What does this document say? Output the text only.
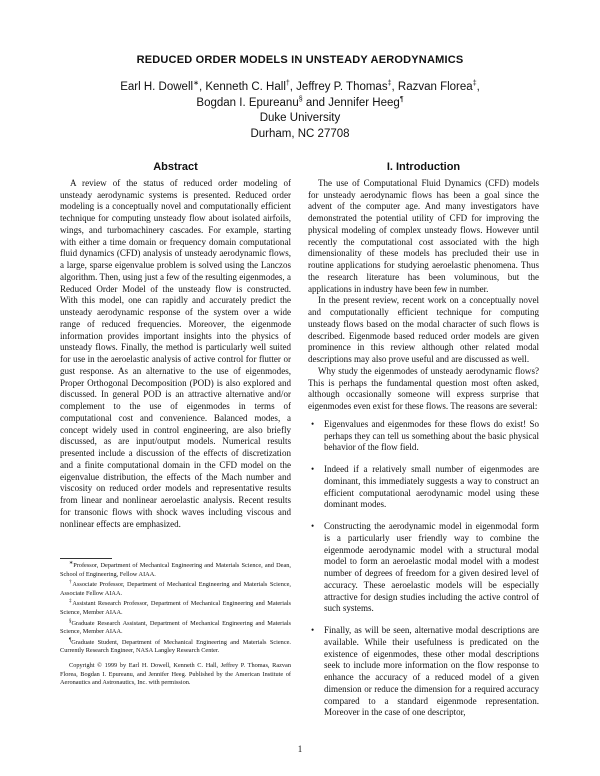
REDUCED ORDER MODELS IN UNSTEADY AERODYNAMICS
Earl H. Dowell∗, Kenneth C. Hall†, Jeffrey P. Thomas‡, Razvan Florea‡,
Bogdan I. Epureanu§ and Jennifer Heeg¶
Duke University
Durham, NC 27708
Abstract

A review of the status of reduced order modeling of unsteady aerodynamic systems is presented. Reduced order modeling is a conceptually novel and computationally efficient technique for computing unsteady flow about isolated airfoils, wings, and turbomachinery cascades. For example, starting with either a time domain or frequency domain computational fluid dynamics (CFD) analysis of unsteady aerodynamic flows, a large, sparse eigenvalue problem is solved using the Lanczos algorithm. Then, using just a few of the resulting eigenmodes, a Reduced Order Model of the unsteady flow is constructed. With this model, one can rapidly and accurately predict the unsteady aerodynamic response of the system over a wide range of reduced frequencies. Moreover, the eigenmode information provides important insights into the physics of unsteady flows. Finally, the method is particularly well suited for use in the aeroelastic analysis of active control for flutter or gust response. As an alternative to the use of eigenmodes, Proper Orthogonal Decomposition (POD) is also explored and discussed. In general POD is an attractive alternative and/or complement to the use of eigenmodes in terms of computational cost and convenience. Balanced modes, a concept widely used in control engineering, are also briefly discussed, as are input/output models. Numerical results presented include a discussion of the effects of discretization and a finite computational domain in the CFD model on the eigenvalue distribution, the effects of the Mach number and viscosity on reduced order models and representative results from linear and nonlinear aeroelastic analysis. Recent results for transonic flows with shock waves including viscous and nonlinear effects are emphasized.

∗Professor, Department of Mechanical Engineering and Materials Science, and Dean, School of Engineering, Fellow AIAA.

†Associate Professor, Department of Mechanical Engineering and Materials Science, Associate Fellow AIAA.

‡Assistant Research Professor, Department of Mechanical Engineering and Materials Science, Member AIAA.

§Graduate Research Assistant, Department of Mechanical Engineering and Materials Science, Member AIAA.

¶Graduate Student, Department of Mechanical Engineering and Materials Science. Currently Research Engineer, NASA Langley Research Center.

Copyright © 1999 by Earl H. Dowell, Kenneth C. Hall, Jeffrey P. Thomas, Razvan Florea, Bogdan I. Epureanu, and Jennifer Heeg. Published by the American Institute of Aeronautics and Astronautics, Inc. with permission.

I. Introduction

The use of Computational Fluid Dynamics (CFD) models for unsteady aerodynamic flows has been a goal since the advent of the computer age. And many investigators have demonstrated the potential utility of CFD for improving the physical modeling of complex unsteady flows. However until recently the computational cost associated with the high dimensionality of these models has precluded their use in routine applications for studying aeroelastic phenomena. Thus the research literature has been voluminous, but the applications in industry have been few in number.

In the present review, recent work on a conceptually novel and computationally efficient technique for computing unsteady flows based on the modal character of such flows is described. Eigenmode based reduced order models are given prominence in this review although other related modal descriptions may also prove useful and are discussed as well.

Why study the eigenmodes of unsteady aerodynamic flows? This is perhaps the fundamental question most often asked, although occasionally someone will express surprise that eigenmodes even exist for these flows. The reasons are several:

• Eigenvalues and eigenmodes for these flows do exist! So perhaps they can tell us something about the basic physical behavior of the flow field.
• Indeed if a relatively small number of eigenmodes are dominant, this immediately suggests a way to construct an efficient computational aerodynamic model using these dominant modes.
• Constructing the aerodynamic model in eigenmodal form is a particularly user friendly way to combine the eigenmode aerodynamic model with a structural modal model to form an aeroelastic modal model with a modest number of degrees of freedom for a given desired level of accuracy. These aeroelastic models will be especially attractive for design studies including the active control of such systems.
• Finally, as will be seen, alternative modal descriptions are available. While their usefulness is predicated on the existence of eigenmodes, these other modal descriptions seek to include more information on the flow response to enhance the accuracy of a reduced model of a given dimension or reduce the dimension for a required accuracy compared to a standard eigenmode representation. Moreover in the case of one descriptor,
1
